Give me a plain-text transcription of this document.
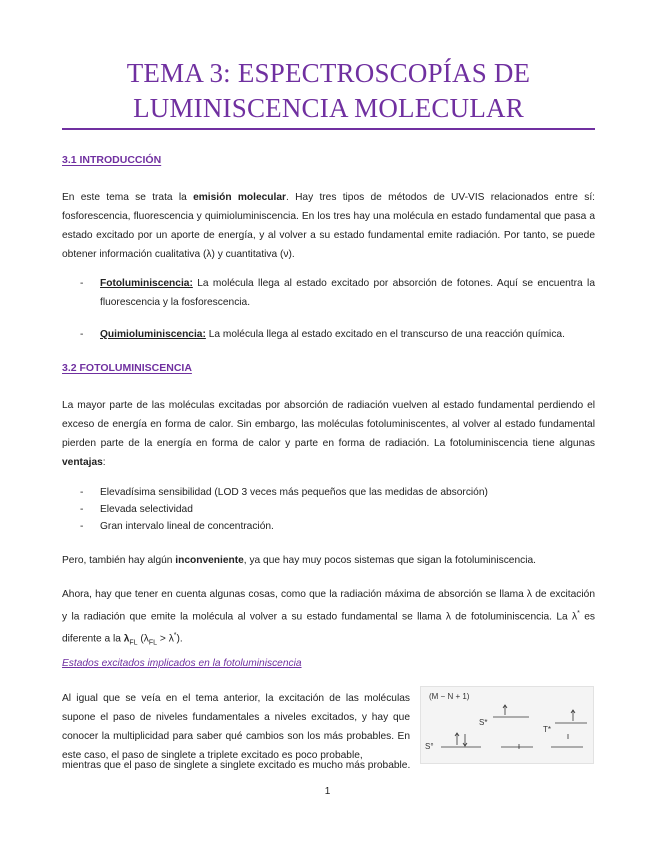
TEMA 3: ESPECTROSCOPÍAS DE
LUMINISCENCIA MOLECULAR
3.1 INTRODUCCIÓN
En este tema se trata la emisión molecular. Hay tres tipos de métodos de UV-VIS relacionados entre sí: fosforescencia, fluorescencia y quimioluminiscencia. En los tres hay una molécula en estado fundamental que pasa a estado excitado por un aporte de energía, y al volver a su estado fundamental emite radiación. Por tanto, se puede obtener información cualitativa (λ) y cuantitativa (ν).
- Fotoluminiscencia: La molécula llega al estado excitado por absorción de fotones. Aquí se encuentra la fluorescencia y la fosforescencia.
- Quimioluminiscencia: La molécula llega al estado excitado en el transcurso de una reacción química.
3.2 FOTOLUMINISCENCIA
La mayor parte de las moléculas excitadas por absorción de radiación vuelven al estado fundamental perdiendo el exceso de energía en forma de calor. Sin embargo, las moléculas fotoluminiscentes, al volver al estado fundamental pierden parte de la energía en forma de calor y parte en forma de radiación. La fotoluminiscencia tiene algunas ventajas:
- Elevadísima sensibilidad (LOD 3 veces más pequeños que las medidas de absorción)
- Elevada selectividad
- Gran intervalo lineal de concentración.
Pero, también hay algún inconveniente, ya que hay muy pocos sistemas que sigan la fotoluminiscencia.
Ahora, hay que tener en cuenta algunas cosas, como que la radiación máxima de absorción se llama λ de excitación y la radiación que emite la molécula al volver a su estado fundamental se llama λ de fotoluminiscencia. La λ* es diferente a la $\lambda_{FL}$ $(\lambda_{FL} > \lambda^*)$.
Estados excitados implicados en la fotoluminiscencia
Al igual que se veía en el tema anterior, la excitación de las moléculas supone el paso de niveles fundamentales a niveles excitados, y hay que conocer la multiplicidad para saber qué cambios son los más probables. En este caso, el paso de singlete a triplete excitado es poco probable,
mientras que el paso de singlete a singlete excitado es mucho más probable.
(M − N + 1)
S*
T*
S°
1
